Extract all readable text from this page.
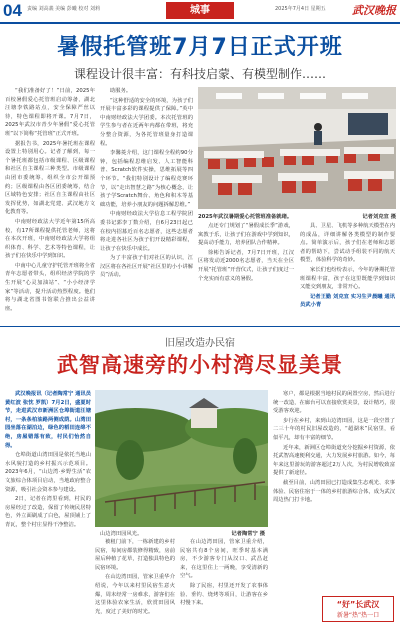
04 责编 刘高義 美编 彭曦 校对 刘莉	城事	2025年7月4日 星期五 武汉晚报
暑假托管班7月7日正式开班
课程设计很丰富：有科技启蒙、有模型制作……

“我们准备好了！”日前，2025年百校暑假爱心托管班启动筹备，湖北汪塘李铁路站点，安全保障严丝以待，特色课程即将开课。7月7日，2025年武汉市青少年暑假“爱心托管班”以下简称“托管班”正式开班。

据报告书，2025年暑托班在课程设置上特别用心。记者了解到，每一个暑托班都包括市级课程、区级课程和社区自主课程三种类型。市级课程由团市委统筹，组织全市公开课预约；区级课程由各区团委统筹，结合区域特色安排；社区自主课程由社区发挥优势，如湖北党建、武汉地方文化教育等。

中南财经政法大学近年第15所高校，有17所课程提供托管老师，这将在本次开班，中南财经政法大学将组织体育、科学、艺术等特色课程，让孩子们在快乐中学到知识。

中南中心儿童守护托管开班将全省青年志愿者带头，组织经济学院的学生开展“心灵加油站”、“小小经济学家”等活动，提升活动热烈程度。他们将与湖北省图书馆联合推出公益讲座。

助服务。

“这种舒适的安全的环境，为孩子们开展丰富多彩的课程提供了保障。”英中中南财经政法大学团委。本次托管班的学生参与者在近两年内都在带班，将充分整合资源，为各托管班量身打造课程。

李馨菱介绍，这门课程全程约90分钟，包括编程思维启发、人工智能科普、Scratch软件实操，思维拓展等四个环节。“我们特别设计了编程竞赛环节，以“走出智慧之路”为核心概念，让孩子学Scratch舞台、角色和积木等基础功能，培养小朋友的问题拆解思维。”

中南财经政法大学信息工程学院团委书记郭李丁数介绍，自6月23日起已在校内招募近百名志愿者，这些志愿者将走进各社区为孩子们开设精彩课程，让孩子在快乐中成长。

为了丰富孩子们对社区的认识，江汉区将在各社区开展“社区里的小小讲解员”活动。

2025年武汉暑期爱心托管班准备就绪。	记者刘克宜 摄

点还专门规划了“暑假成长季”游戏，寓教于乐，让孩子们在游戏中学到知识，提高动手能力，培养团队合作精神。

徐彬告诉记者，7月7日开班，江汉区将发动近2000名志愿者，当天在全区开展“托管班”开营仪式，让孩子们度过一个充实而有意义的暑假。

具、卫星、飞机等多种航天模型在内的成品，详细讲解各类模型的制作要点。简单演示后，孩子们在老师和志愿者的帮助下，尝试动手组装不同的航天模型，体验科学的奇妙。

家长们也纷纷表示，今年的暑期托管班课程丰富，孩子在这里既能学到知识又能交到朋友，非常开心。

记者王勤 刘克宜 实习生尹晨曦 通讯员武小青

旧屋改造办民宿
武智高速旁的小村湾尽显美景

武汉晚报讯（记者陶常宁 通讯员黄红波 张忱 罗凯）7月2日，盛夏时节，走进武汉市新洲区仓埠街道汪塘村，一条条柏油路两侧成荫。山湾田园坐落在湖泊边，绿色的稻田连绵不绝，房屋错落有致，村民们怡然自得。

仓埠街道山湾田园是依托当地山水风貌打造的乡村振兴示范项目。2023年6月，“山边湾·乡野生活”农文旅综合体项目启动，当地政府整合资源，吸引社会资本参与建设。

2日，记者在湾里看到，村民的房屋经过了改造，保留了传统民居特色，外立面刷成了白色，屋顶铺上了青瓦，整个村庄显得干净整洁。

山边湾田园风光。	记者陶常宁 摄

被租门前下，一栋新建的乡村民宿，每间房都装修得精致，房前屋后种植了花草，打造独具特色的民宿环境。

在山边湾田园，管家卫重华介绍说，今年以来村里民宿生意火爆，周末经常一房难求，游客们在这里体验农家生活，欣赏田园风光，度过了美好的时光。

在山边湾田园，管家卫重介绍，民宿共有8个房间，旺季时基本满房，不少游客专门从汉口、武昌赶来，在这里住上一两晚，享受清新的空气。

除了民宿，村里还开发了农事体验、垂钓、烧烤等项目，让游客在乡村慢下来。

寒户，都是根据当地村民的闲置空房，然后进行统一改造，在廊台可以直接欣赏美景，设计精巧，很受游客欢迎。

步行在乡村，来到山边湾田园，这是一段空置了二三十年的村民旧屋改造的，“超湖米”民宿里，看似平凡，却有丰富的细节。

近年来，新洲区仓埠街道充分挖掘乡村资源，依托武智高速便利交通，大力发展乡村旅游。如今，每年来这里游玩的游客超过2万人次，为村民增收致富提供了新途径。

截至目前，山湾田园已打造成集生态观光、农事体验、民宿住宿于一体的乡村旅游综合体，成为武汉周边热门打卡地。

“好”长武汉
新暑“热”热一口
